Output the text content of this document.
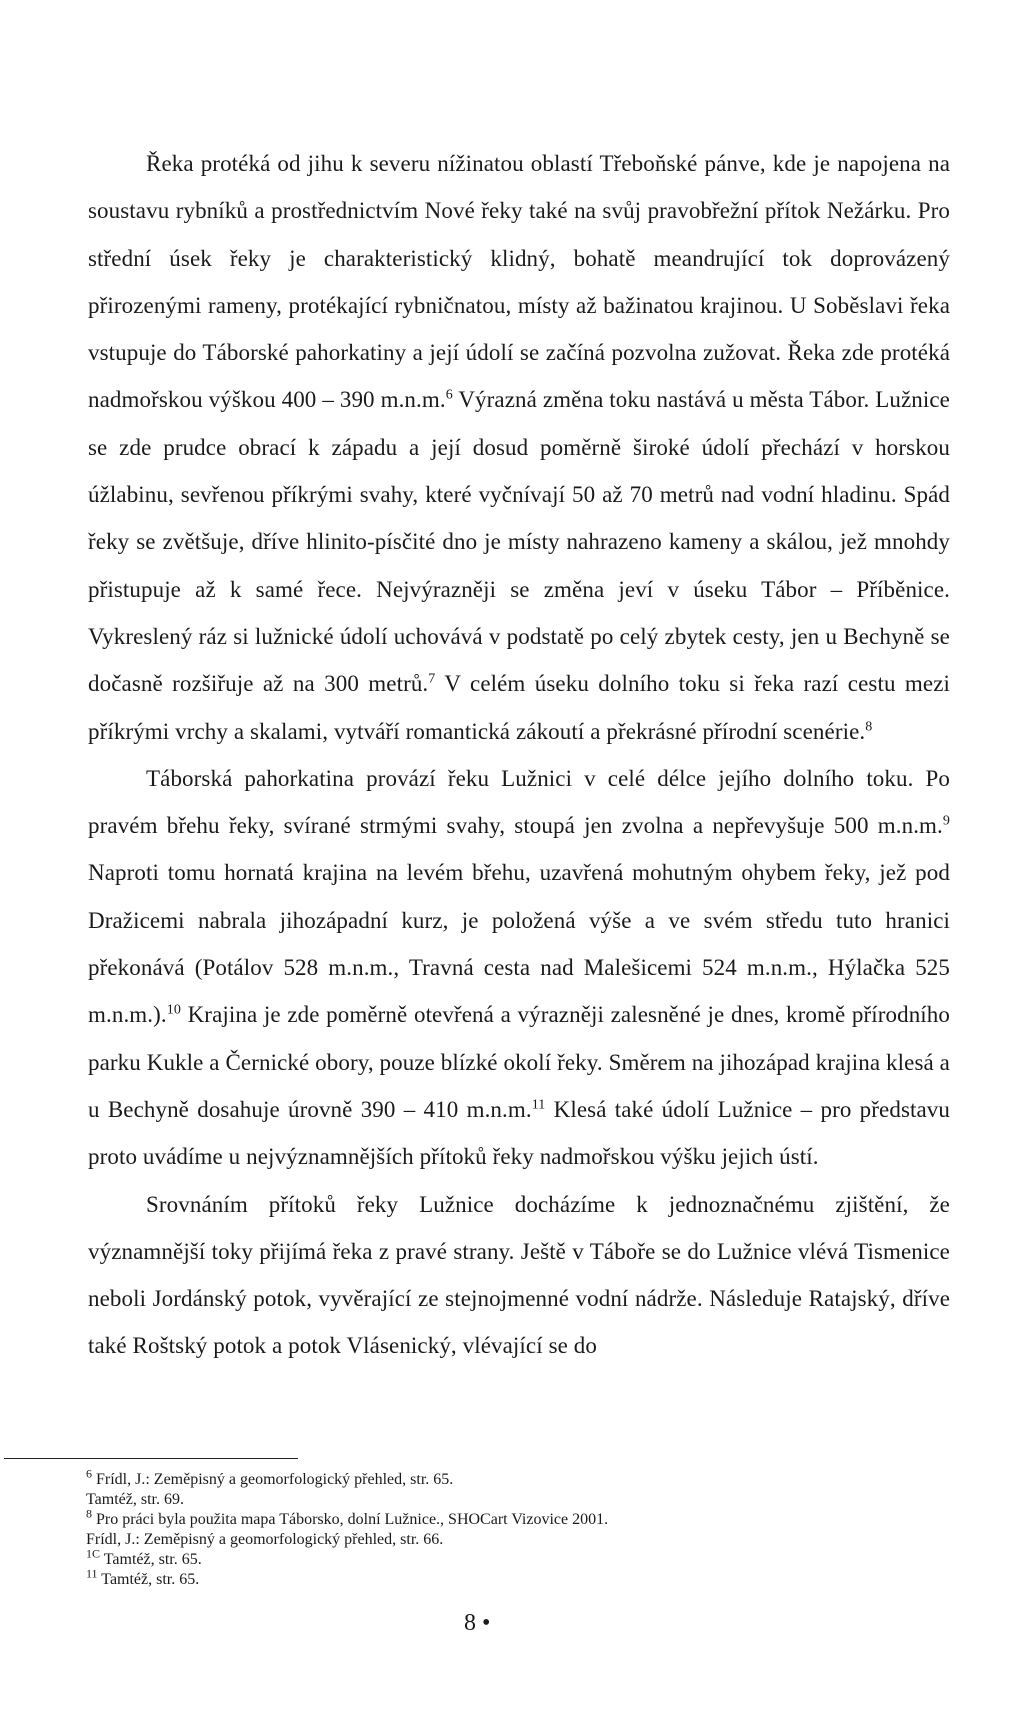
Řeka protéká od jihu k severu nížinatou oblastí Třeboňské pánve, kde je napojena na soustavu rybníků a prostřednictvím Nové řeky také na svůj pravobřežní přítok Nežárku. Pro střední úsek řeky je charakteristický klidný, bohatě meandrující tok doprovázený přirozenými rameny, protékající rybničnatou, místy až bažinatou krajinou. U Soběslavi řeka vstupuje do Táborské pahorkatiny a její údolí se začíná pozvolna zužovat. Řeka zde protéká nadmořskou výškou 400 – 390 m.n.m.$^6$ Výrazná změna toku nastává u města Tábor. Lužnice se zde prudce obrací k západu a její dosud poměrně široké údolí přechází v horskou úžlabinu, sevřenou příkrými svahy, které vyčnívají 50 až 70 metrů nad vodní hladinu. Spád řeky se zvětšuje, dříve hlinito-písčité dno je místy nahrazeno kameny a skálou, jež mnohdy přistupuje až k samé řece. Nejvýrazněji se změna jeví v úseku Tábor – Příběnice. Vykreslený ráz si lužnické údolí uchovává v podstatě po celý zbytek cesty, jen u Bechyně se dočasně rozšiřuje až na 300 metrů.$^7$ V celém úseku dolního toku si řeka razí cestu mezi příkrými vrchy a skalami, vytváří romantická zákoutí a překrásné přírodní scenérie.$^8$

Táborská pahorkatina provází řeku Lužnici v celé délce jejího dolního toku. Po pravém břehu řeky, svírané strmými svahy, stoupá jen zvolna a nepřevyšuje 500 m.n.m.$^9$ Naproti tomu hornatá krajina na levém břehu, uzavřená mohutným ohybem řeky, jež pod Dražicemi nabrala jihozápadní kurz, je položená výše a ve svém středu tuto hranici překonává (Potálov 528 m.n.m., Travná cesta nad Malešicemi 524 m.n.m., Hýlačka 525 m.n.m.).$^{10}$ Krajina je zde poměrně otevřená a výrazněji zalesněné je dnes, kromě přírodního parku Kukle a Černické obory, pouze blízké okolí řeky. Směrem na jihozápad krajina klesá a u Bechyně dosahuje úrovně 390 – 410 m.n.m.$^{11}$ Klesá také údolí Lužnice – pro představu proto uvádíme u nejvýznamnějších přítoků řeky nadmořskou výšku jejich ústí.

Srovnáním přítoků řeky Lužnice docházíme k jednoznačnému zjištění, že významnější toky přijímá řeka z pravé strany. Ještě v Táboře se do Lužnice vlévá Tismenice neboli Jordánský potok, vyvěrající ze stejnojmenné vodní nádrže. Následuje Ratajský, dříve také Roštský potok a potok Vlásenický, vlévající se do

$^6$ Frídl, J.: Zeměpisný a geomorfologický přehled, str. 65.

Tamtéž, str. 69.

$^8$ Pro práci byla použita mapa Táborsko, dolní Lužnice., SHOCart Vizovice 2001.

Frídl, J.: Zeměpisný a geomorfologický přehled, str. 66.

$^{1C}$ Tamtéž, str. 65.

$^{11}$ Tamtéž, str. 65.

8 •
